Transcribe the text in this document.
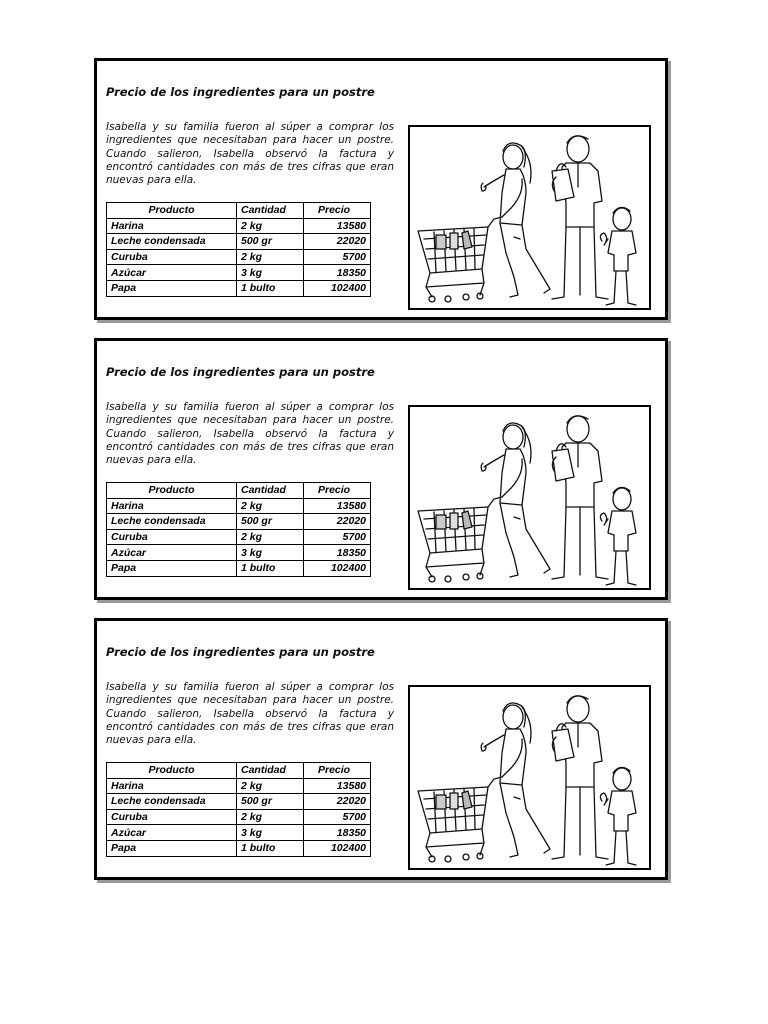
Precio de los ingredientes para un postre
Isabella y su familia fueron al súper a comprar los ingredientes que necesitaban para hacer un postre. Cuando salieron, Isabella observó la factura y encontró cantidades con más de tres cifras que eran nuevas para ella.
Producto	Cantidad	Precio
Harina	2 kg	13580
Leche condensada	500 gr	22020
Curuba	2 kg	5700
Azúcar	3 kg	18350
Papa	1 bulto	102400
Precio de los ingredientes para un postre
Isabella y su familia fueron al súper a comprar los ingredientes que necesitaban para hacer un postre. Cuando salieron, Isabella observó la factura y encontró cantidades con más de tres cifras que eran nuevas para ella.
Producto	Cantidad	Precio
Harina	2 kg	13580
Leche condensada	500 gr	22020
Curuba	2 kg	5700
Azúcar	3 kg	18350
Papa	1 bulto	102400
Precio de los ingredientes para un postre
Isabella y su familia fueron al súper a comprar los ingredientes que necesitaban para hacer un postre. Cuando salieron, Isabella observó la factura y encontró cantidades con más de tres cifras que eran nuevas para ella.
Producto	Cantidad	Precio
Harina	2 kg	13580
Leche condensada	500 gr	22020
Curuba	2 kg	5700
Azúcar	3 kg	18350
Papa	1 bulto	102400
